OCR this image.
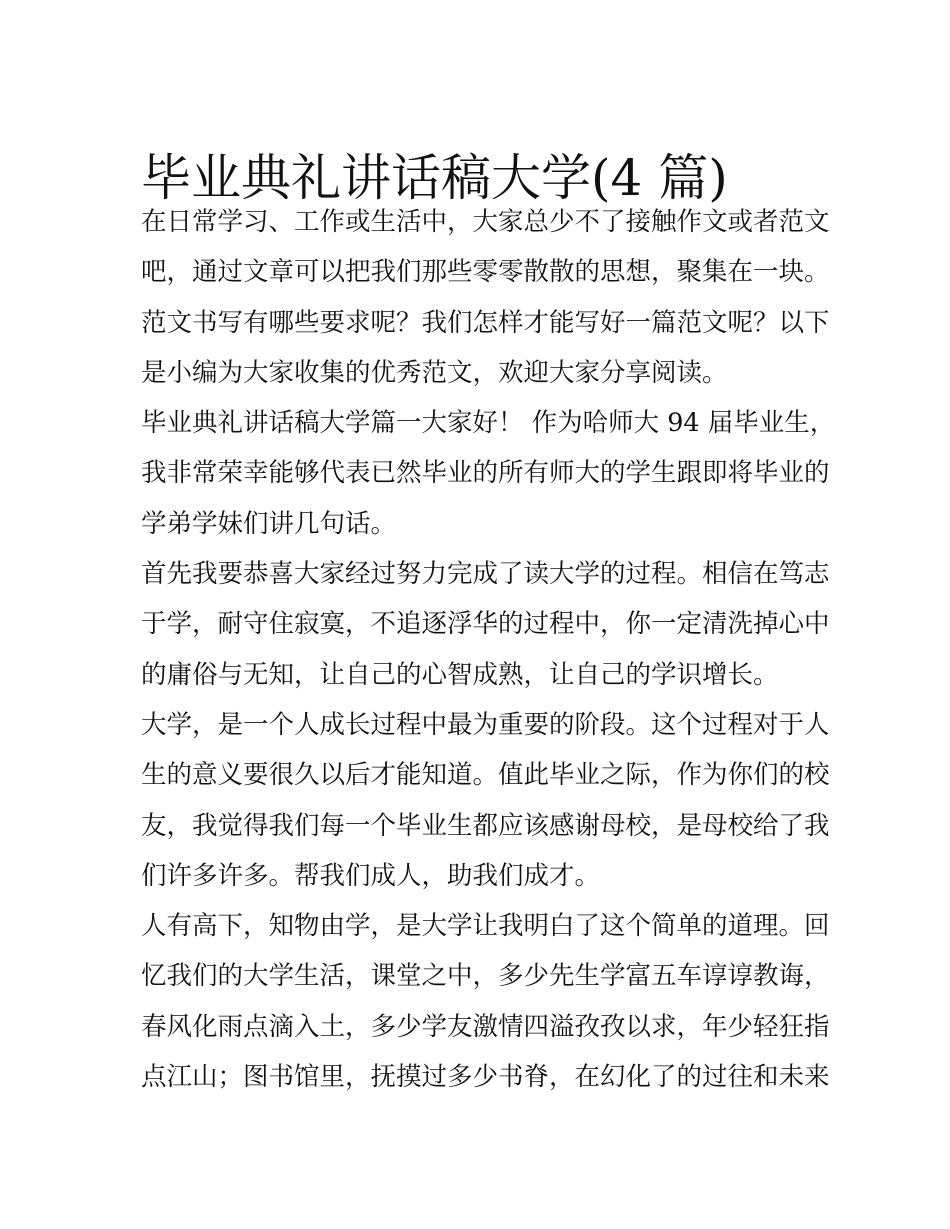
毕业典礼讲话稿大学(4 篇)
在日常学习、工作或生活中，大家总少不了接触作文或者范文
吧，通过文章可以把我们那些零零散散的思想，聚集在一块。
范文书写有哪些要求呢？我们怎样才能写好一篇范文呢？以下
是小编为大家收集的优秀范文，欢迎大家分享阅读。
毕业典礼讲话稿大学篇一大家好！ 作为哈师大 94 届毕业生，
我非常荣幸能够代表已然毕业的所有师大的学生跟即将毕业的
学弟学妹们讲几句话。
首先我要恭喜大家经过努力完成了读大学的过程。相信在笃志
于学，耐守住寂寞，不追逐浮华的过程中，你一定清洗掉心中
的庸俗与无知，让自己的心智成熟，让自己的学识增长。
大学，是一个人成长过程中最为重要的阶段。这个过程对于人
生的意义要很久以后才能知道。值此毕业之际，作为你们的校
友，我觉得我们每一个毕业生都应该感谢母校，是母校给了我
们许多许多。帮我们成人，助我们成才。
人有高下，知物由学，是大学让我明白了这个简单的道理。回
忆我们的大学生活，课堂之中，多少先生学富五车谆谆教诲，
春风化雨点滴入土，多少学友激情四溢孜孜以求，年少轻狂指
点江山；图书馆里，抚摸过多少书脊，在幻化了的过往和未来
